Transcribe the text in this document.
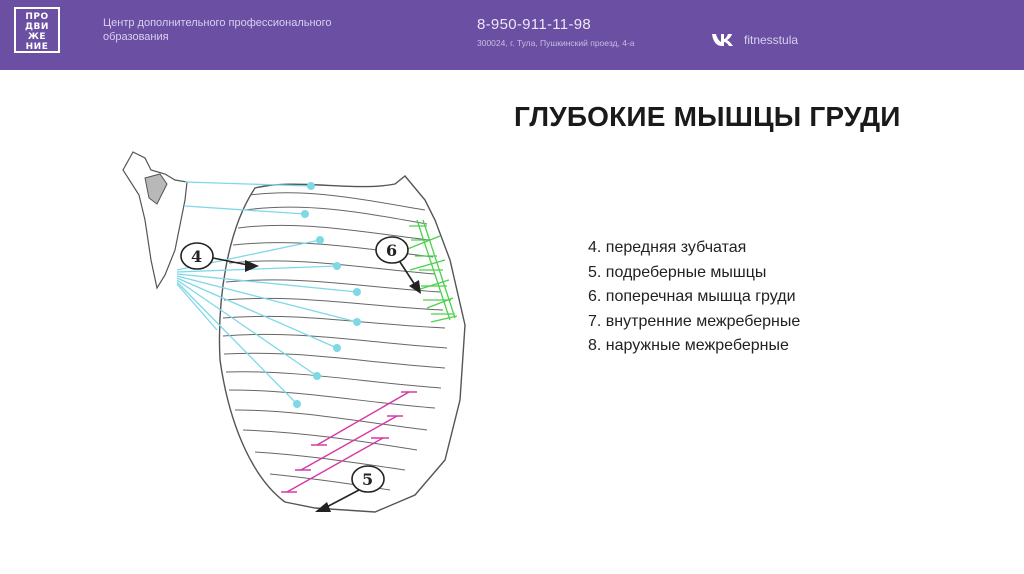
ПРО
ДВИ
ЖЕ
НИЕ
Центр дополнительного профессионального образования
8-950-911-11-98
300024, г. Тула, Пушкинский проезд, 4-а	fitnesstula
ГЛУБОКИЕ МЫШЦЫ ГРУДИ
4. передняя зубчатая
5. подреберные мышцы
6. поперечная мышца груди
7. внутренние межреберные
8. наружные межреберные
4	6
5
